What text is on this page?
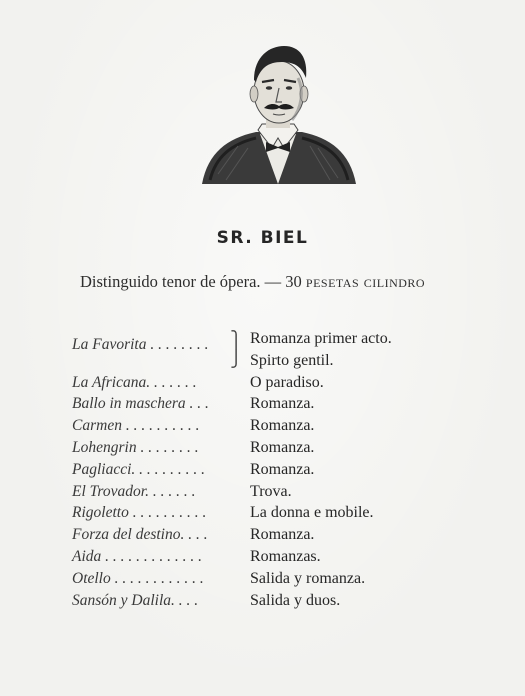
SR. BIEL
Distinguido tenor de ópera. — 30 pesetas cilindro
La Favorita . . . . . . . .	Romanza primer acto.
Spirto gentil.
La Africana. . . . . . .	O paradiso.
Ballo in maschera . . .	Romanza.
Carmen . . . . . . . . . .	Romanza.
Lohengrin . . . . . . . .	Romanza.
Pagliacci. . . . . . . . . .	Romanza.
El Trovador. . . . . . .	Trova.
Rigoletto . . . . . . . . . .	La donna e mobile.
Forza del destino. . . .	Romanza.
Aida . . . . . . . . . . . . .	Romanzas.
Otello . . . . . . . . . . . .	Salida y romanza.
Sansón y Dalila. . . .	Salida y duos.
⎫
⎭
